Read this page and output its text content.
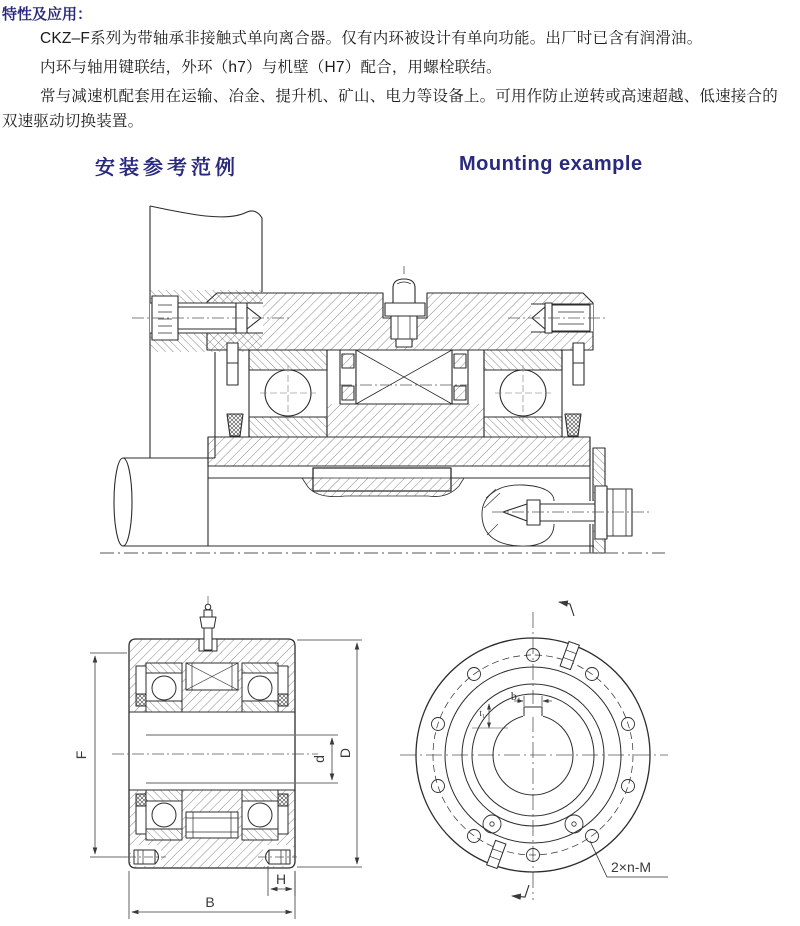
特性及应用：
CKZ–F系列为带轴承非接触式单向离合器。仅有内环被设计有单向功能。出厂时已含有润滑油。
内环与轴用键联结，外环（h7）与机壁（H7）配合，用螺栓联结。
常与减速机配套用在运输、冶金、提升机、矿山、电力等设备上。可用作防止逆转或高速超越、低速接合的
双速驱动切换装置。
安装参考范例	Mounting example
F	d
D
H
B
b₁
t₁
2×n-M
